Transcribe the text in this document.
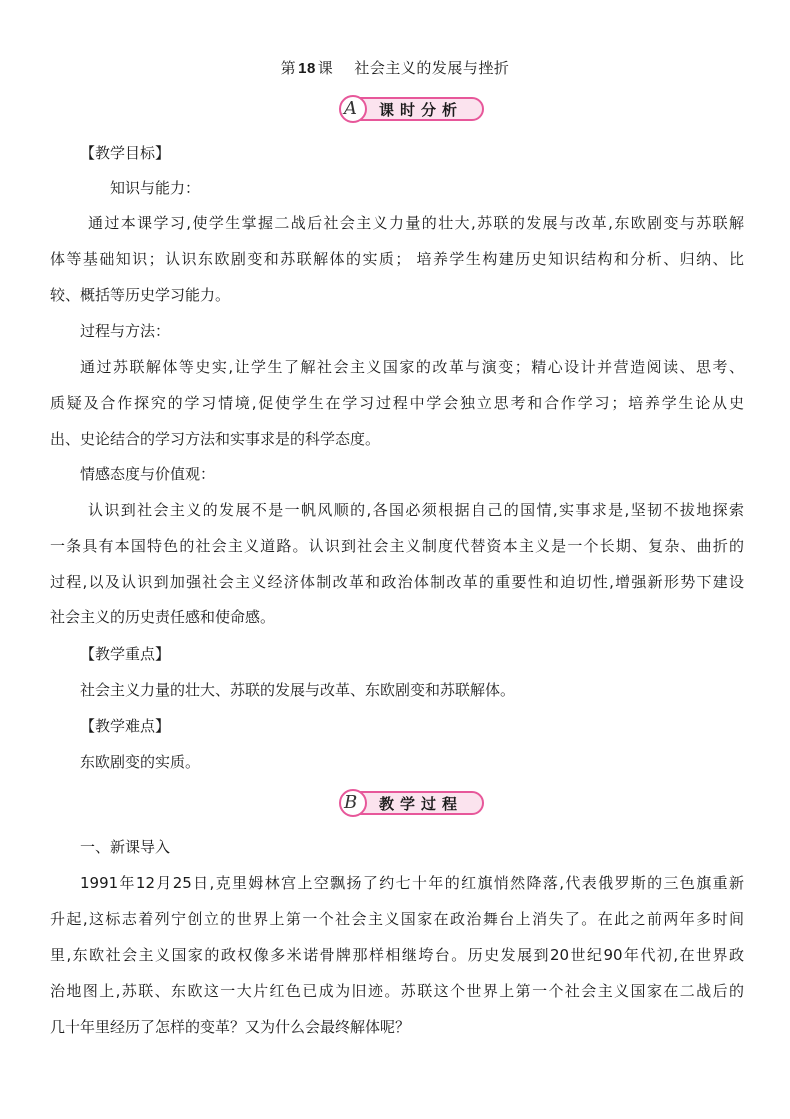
第 18 课 社会主义的发展与挫折
A 课时分析
【教学目标】
知识与能力：
通过本课学习,使学生掌握二战后社会主义力量的壮大,苏联的发展与改革,东欧剧变与苏联解
体等基础知识；认识东欧剧变和苏联解体的实质； 培养学生构建历史知识结构和分析、归纳、比
较、概括等历史学习能力。
过程与方法：
通过苏联解体等史实,让学生了解社会主义国家的改革与演变；精心设计并营造阅读、思考、
质疑及合作探究的学习情境,促使学生在学习过程中学会独立思考和合作学习；培养学生论从史
出、史论结合的学习方法和实事求是的科学态度。
情感态度与价值观：
认识到社会主义的发展不是一帆风顺的,各国必须根据自己的国情,实事求是,坚韧不拔地探索
一条具有本国特色的社会主义道路。认识到社会主义制度代替资本主义是一个长期、复杂、曲折的
过程,以及认识到加强社会主义经济体制改革和政治体制改革的重要性和迫切性,增强新形势下建设
社会主义的历史责任感和使命感。
【教学重点】
社会主义力量的壮大、苏联的发展与改革、东欧剧变和苏联解体。
【教学难点】
东欧剧变的实质。
B 教学过程
一、新课导入
1991年12月25日,克里姆林宫上空飘扬了约七十年的红旗悄然降落,代表俄罗斯的三色旗重新
升起,这标志着列宁创立的世界上第一个社会主义国家在政治舞台上消失了。在此之前两年多时间
里,东欧社会主义国家的政权像多米诺骨牌那样相继垮台。历史发展到20世纪90年代初,在世界政
治地图上,苏联、东欧这一大片红色已成为旧迹。苏联这个世界上第一个社会主义国家在二战后的
几十年里经历了怎样的变革？又为什么会最终解体呢？
